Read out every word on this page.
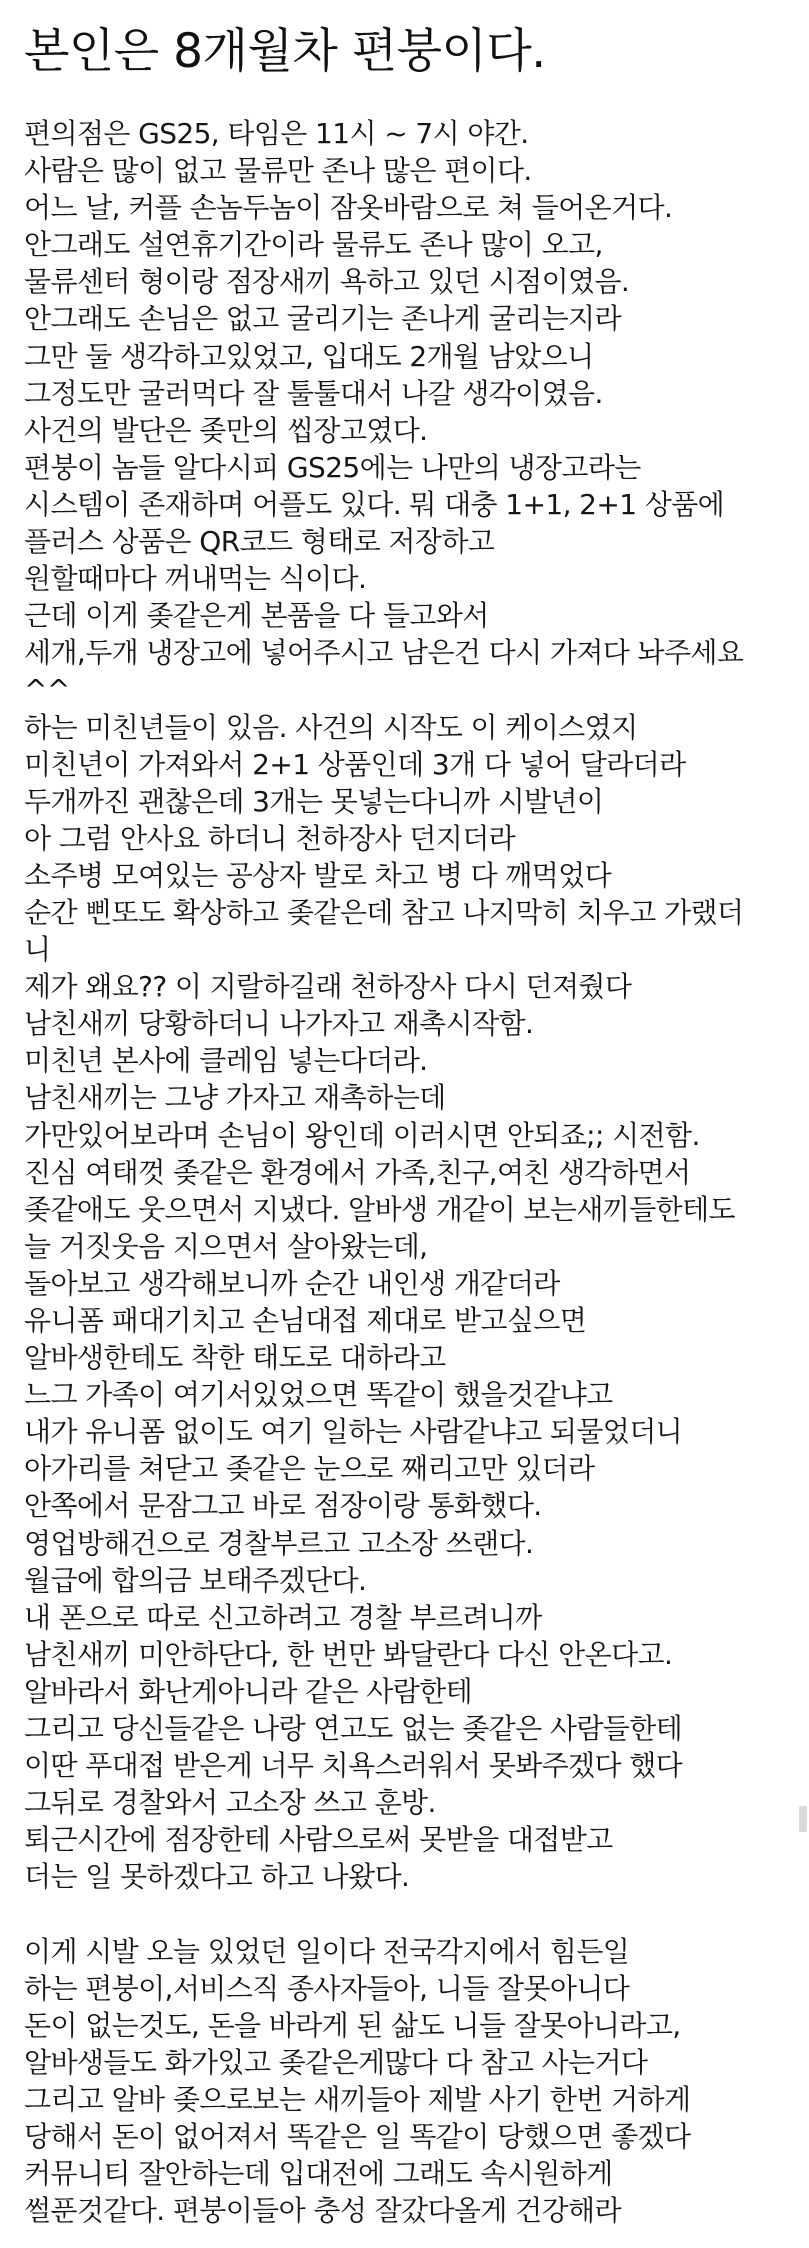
본인은 8개월차 편붕이다.
편의점은 GS25, 타임은 11시 ~ 7시 야간.
사람은 많이 없고 물류만 존나 많은 편이다.
어느 날, 커플 손놈두놈이 잠옷바람으로 쳐 들어온거다.
안그래도 설연휴기간이라 물류도 존나 많이 오고,
물류센터 형이랑 점장새끼 욕하고 있던 시점이였음.
안그래도 손님은 없고 굴리기는 존나게 굴리는지라
그만 둘 생각하고있었고, 입대도 2개월 남았으니
그정도만 굴러먹다 잘 툴툴대서 나갈 생각이였음.
사건의 발단은 좆만의 씹장고였다.
편붕이 놈들 알다시피 GS25에는 나만의 냉장고라는
시스템이 존재하며 어플도 있다. 뭐 대충 1+1, 2+1 상품에
플러스 상품은 QR코드 형태로 저장하고
원할때마다 꺼내먹는 식이다.
근데 이게 좆같은게 본품을 다 들고와서
세개,두개 냉장고에 넣어주시고 남은건 다시 가져다 놔주세요
^^
하는 미친년들이 있음. 사건의 시작도 이 케이스였지
미친년이 가져와서 2+1 상품인데 3개 다 넣어 달라더라
두개까진 괜찮은데 3개는 못넣는다니까 시발년이
아 그럼 안사요 하더니 천하장사 던지더라
소주병 모여있는 공상자 발로 차고 병 다 깨먹었다
순간 삔또도 확상하고 좆같은데 참고 나지막히 치우고 가랬더
니
제가 왜요?? 이 지랄하길래 천하장사 다시 던져줬다
남친새끼 당황하더니 나가자고 재촉시작함.
미친년 본사에 클레임 넣는다더라.
남친새끼는 그냥 가자고 재촉하는데
가만있어보라며 손님이 왕인데 이러시면 안되죠;; 시전함.
진심 여태껏 좆같은 환경에서 가족,친구,여친 생각하면서
좆같애도 웃으면서 지냈다. 알바생 개같이 보는새끼들한테도
늘 거짓웃음 지으면서 살아왔는데,
돌아보고 생각해보니까 순간 내인생 개같더라
유니폼 패대기치고 손님대접 제대로 받고싶으면
알바생한테도 착한 태도로 대하라고
느그 가족이 여기서있었으면 똑같이 했을것같냐고
내가 유니폼 없이도 여기 일하는 사람같냐고 되물었더니
아가리를 쳐닫고 좆같은 눈으로 째리고만 있더라
안쪽에서 문잠그고 바로 점장이랑 통화했다.
영업방해건으로 경찰부르고 고소장 쓰랜다.
월급에 합의금 보태주겠단다.
내 폰으로 따로 신고하려고 경찰 부르려니까
남친새끼 미안하단다, 한 번만 봐달란다 다신 안온다고.
알바라서 화난게아니라 같은 사람한테
그리고 당신들같은 나랑 연고도 없는 좆같은 사람들한테
이딴 푸대접 받은게 너무 치욕스러워서 못봐주겠다 했다
그뒤로 경찰와서 고소장 쓰고 훈방.
퇴근시간에 점장한테 사람으로써 못받을 대접받고
더는 일 못하겠다고 하고 나왔다.
이게 시발 오늘 있었던 일이다 전국각지에서 힘든일
하는 편붕이,서비스직 종사자들아, 니들 잘못아니다
돈이 없는것도, 돈을 바라게 된 삶도 니들 잘못아니라고,
알바생들도 화가있고 좆같은게많다 다 참고 사는거다
그리고 알바 좆으로보는 새끼들아 제발 사기 한번 거하게
당해서 돈이 없어져서 똑같은 일 똑같이 당했으면 좋겠다
커뮤니티 잘안하는데 입대전에 그래도 속시원하게
썰푼것같다. 편붕이들아 충성 잘갔다올게 건강해라
